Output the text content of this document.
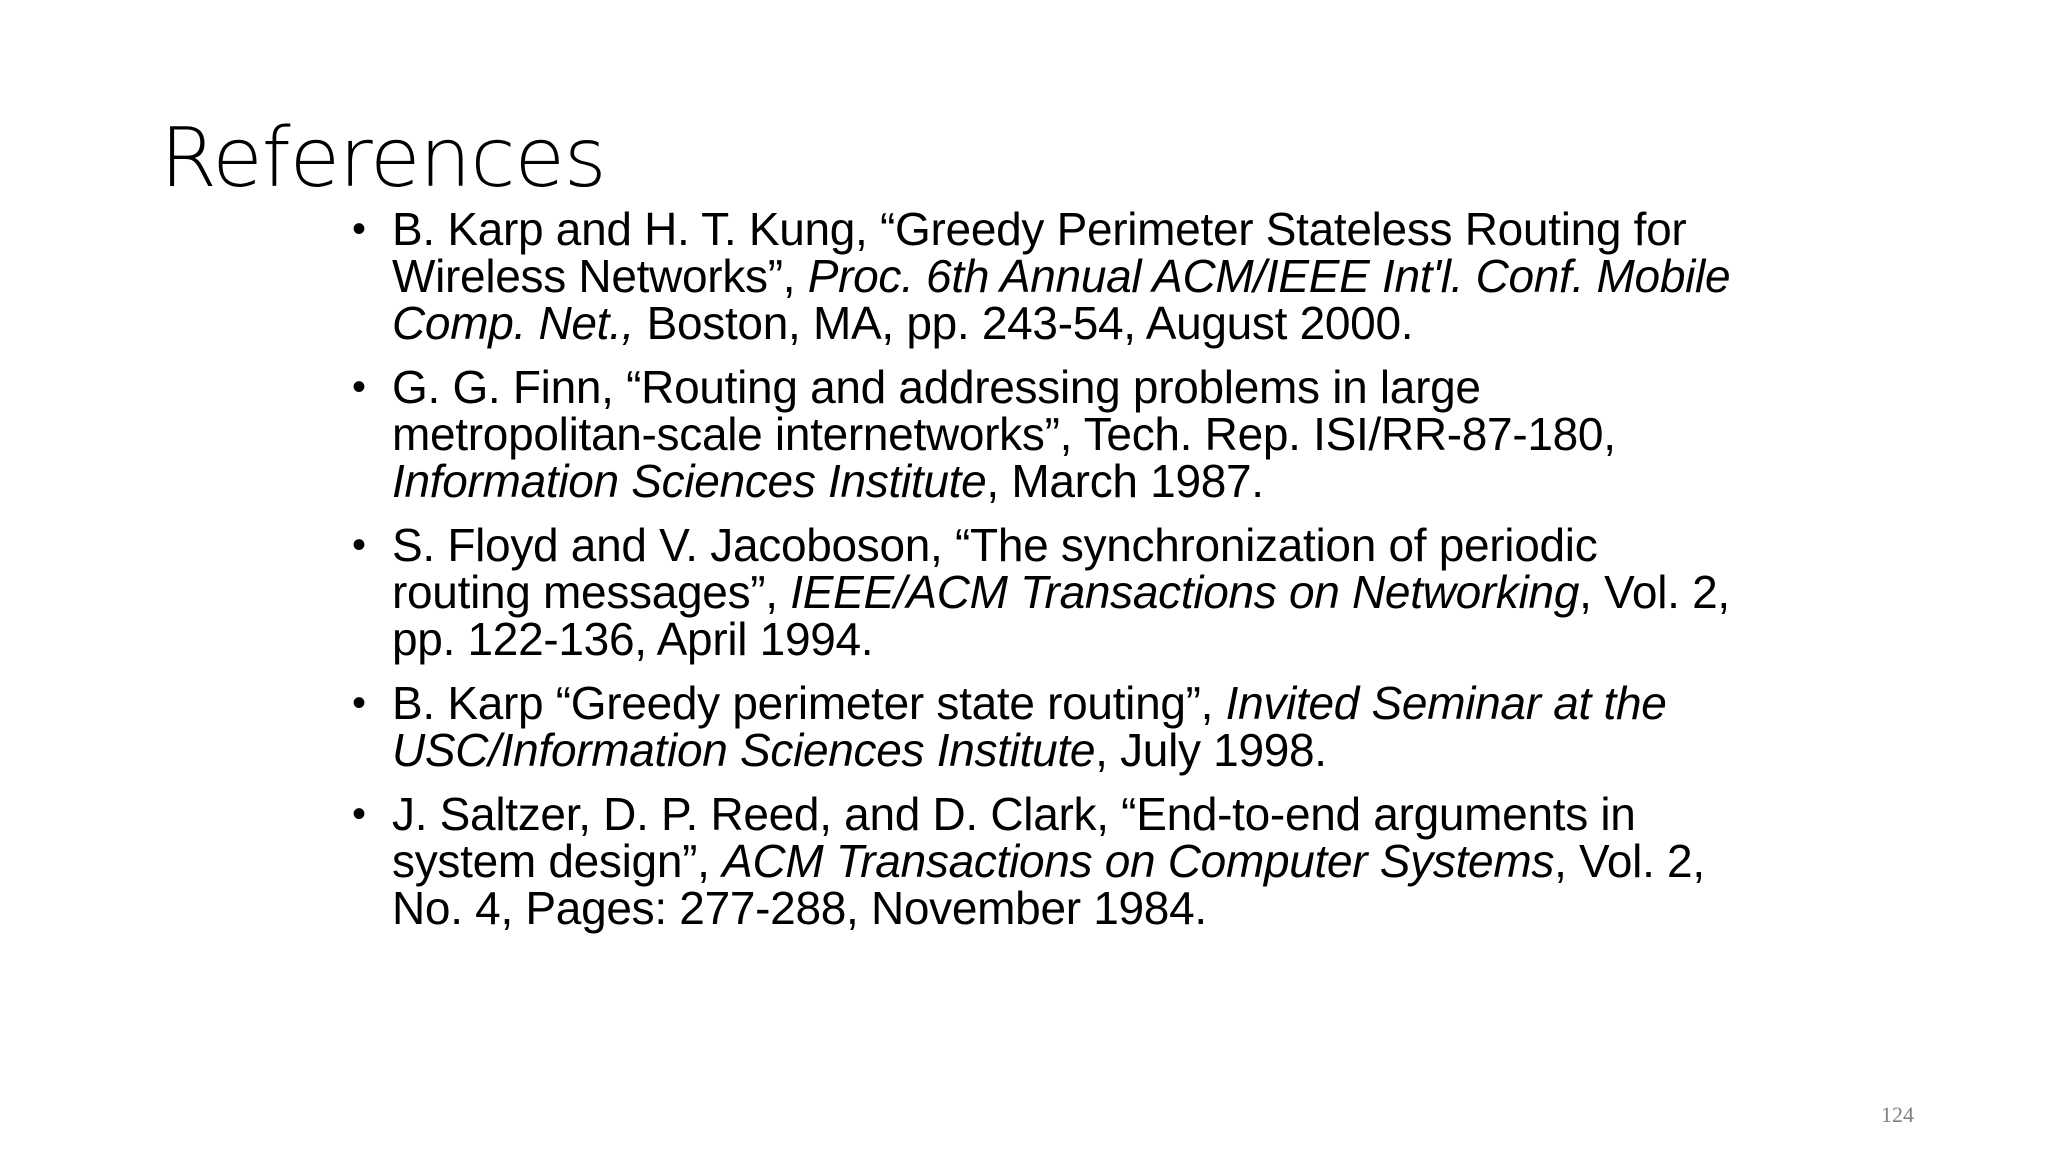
References
• B. Karp and H. T. Kung, “Greedy Perimeter Stateless Routing for Wireless Networks”, Proc. 6th Annual ACM/IEEE Int'l. Conf. Mobile Comp. Net., Boston, MA, pp. 243-54, August 2000.
• G. G. Finn, “Routing and addressing problems in large metropolitan-scale internetworks”, Tech. Rep. ISI/RR-87-180, Information Sciences Institute, March 1987.
• S. Floyd and V. Jacoboson, “The synchronization of periodic routing messages”, IEEE/ACM Transactions on Networking, Vol. 2, pp. 122-136, April 1994.
• B. Karp “Greedy perimeter state routing”, Invited Seminar at the USC/Information Sciences Institute, July 1998.
• J. Saltzer, D. P. Reed, and D. Clark, “End-to-end arguments in system design”, ACM Transactions on Computer Systems, Vol. 2, No. 4, Pages: 277-288, November 1984.
124
